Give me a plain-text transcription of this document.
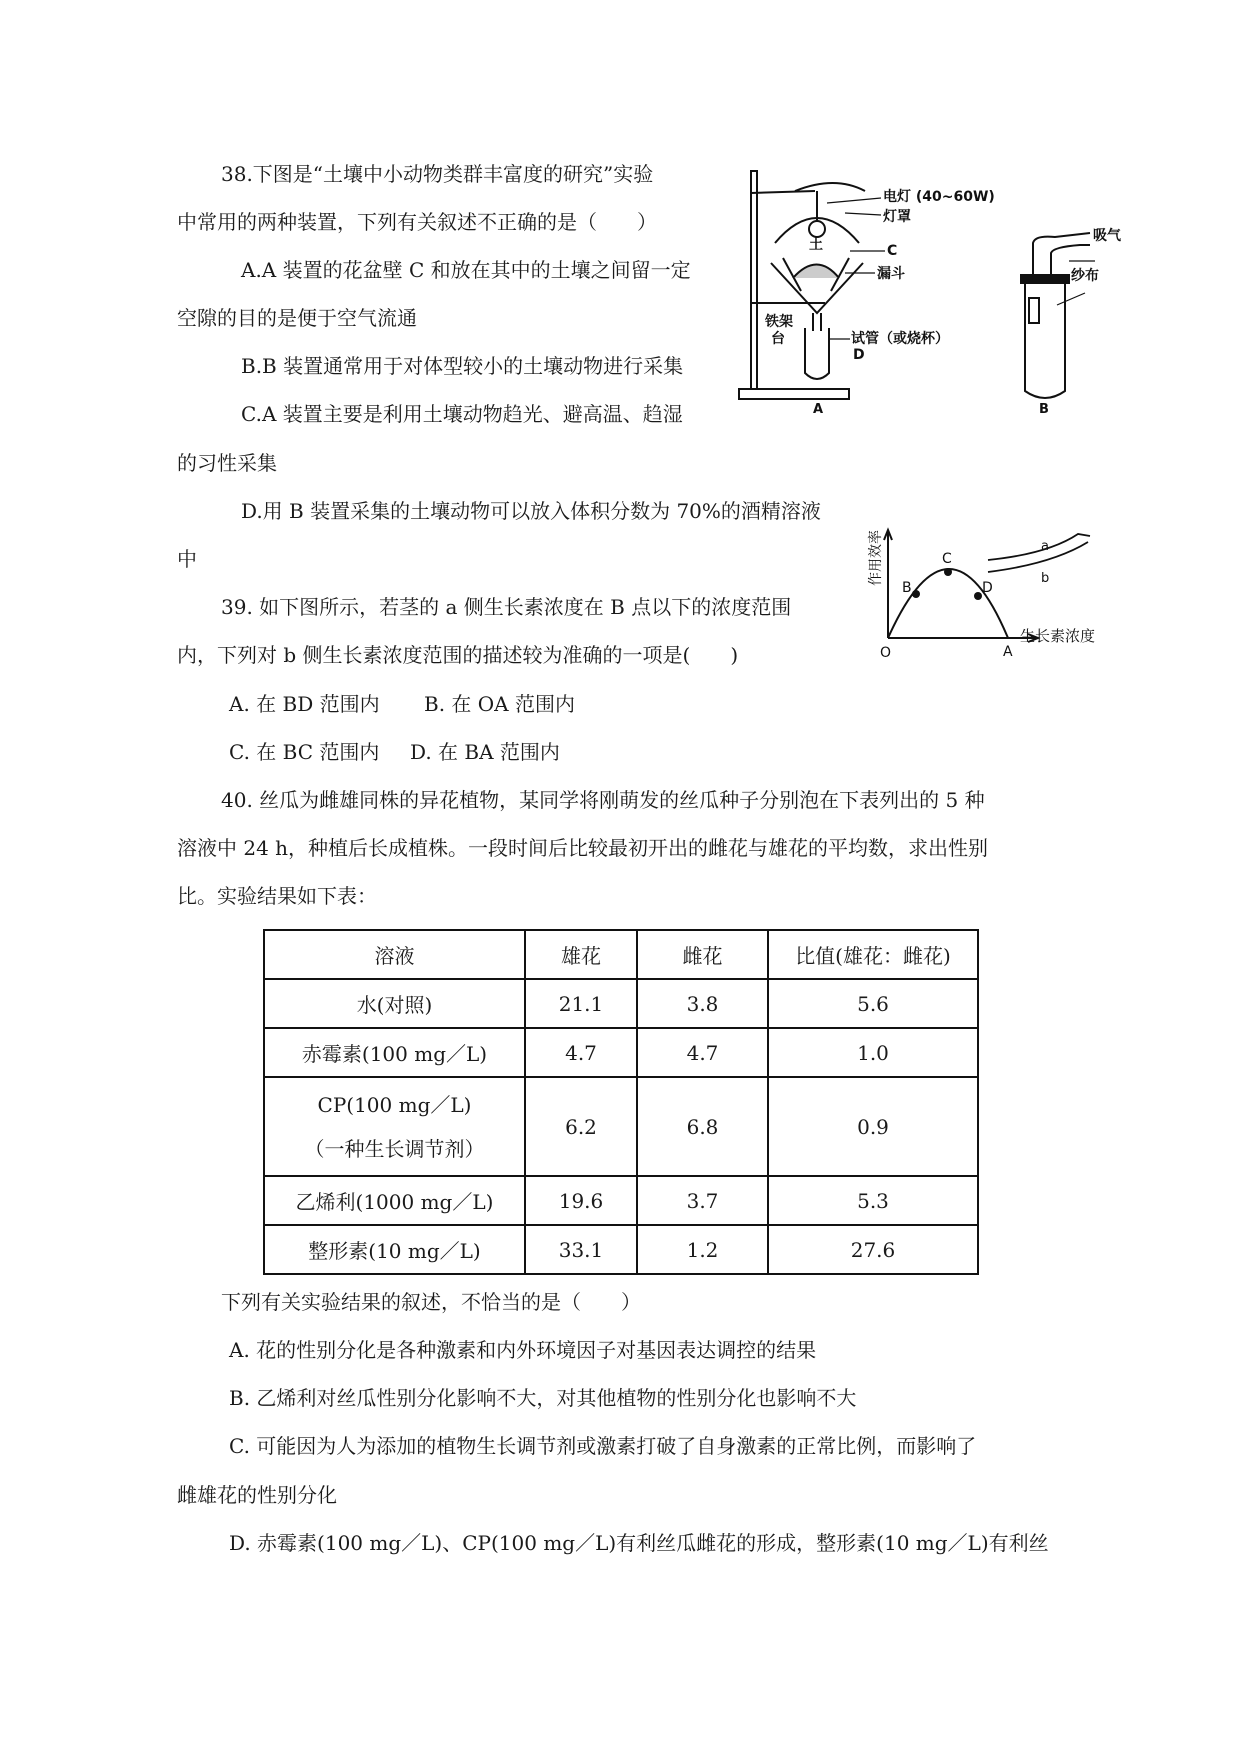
38.下图是“土壤中小动物类群丰富度的研究”实验
中常用的两种装置，下列有关叙述不正确的是（　　）
A.A 装置的花盆壁 C 和放在其中的土壤之间留一定
空隙的目的是便于空气流通
B.B 装置通常用于对体型较小的土壤动物进行采集
C.A 装置主要是利用土壤动物趋光、避高温、趋湿
的习性采集
D.用 B 装置采集的土壤动物可以放入体积分数为 70%的酒精溶液
中
电灯 (40~60W)
灯罩
土	C
漏斗
铁架
台	试管（或烧杯）
D
A
吸气
纱布
B
39. 如下图所示，若茎的 a 侧生长素浓度在 B 点以下的浓度范围
内，下列对 b 侧生长素浓度范围的描述较为准确的一项是(　　)
A. 在 BD 范围内 B. 在 OA 范围内
C. 在 BC 范围内 D. 在 BA 范围内
作用效率
生长素浓度
O	A
B
C
D
a
b
40. 丝瓜为雌雄同株的异花植物，某同学将刚萌发的丝瓜种子分别泡在下表列出的 5 种
溶液中 24 h，种植后长成植株。一段时间后比较最初开出的雌花与雄花的平均数，求出性别
比。实验结果如下表：
溶液	雄花	雌花	比值(雄花：雌花)
水(对照)	21.1	3.8	5.6
赤霉素(100 mg／L)	4.7	4.7	1.0

CP(100 mg／L)
（一种生长调节剂）	6.2	6.8	0.9
乙烯利(1000 mg／L)	19.6	3.7	5.3
整形素(10 mg／L)	33.1	1.2	27.6
下列有关实验结果的叙述，不恰当的是（　　）
A. 花的性别分化是各种激素和内外环境因子对基因表达调控的结果
B. 乙烯利对丝瓜性别分化影响不大，对其他植物的性别分化也影响不大
C. 可能因为人为添加的植物生长调节剂或激素打破了自身激素的正常比例，而影响了
雌雄花的性别分化
D. 赤霉素(100 mg／L)、CP(100 mg／L)有利丝瓜雌花的形成，整形素(10 mg／L)有利丝
